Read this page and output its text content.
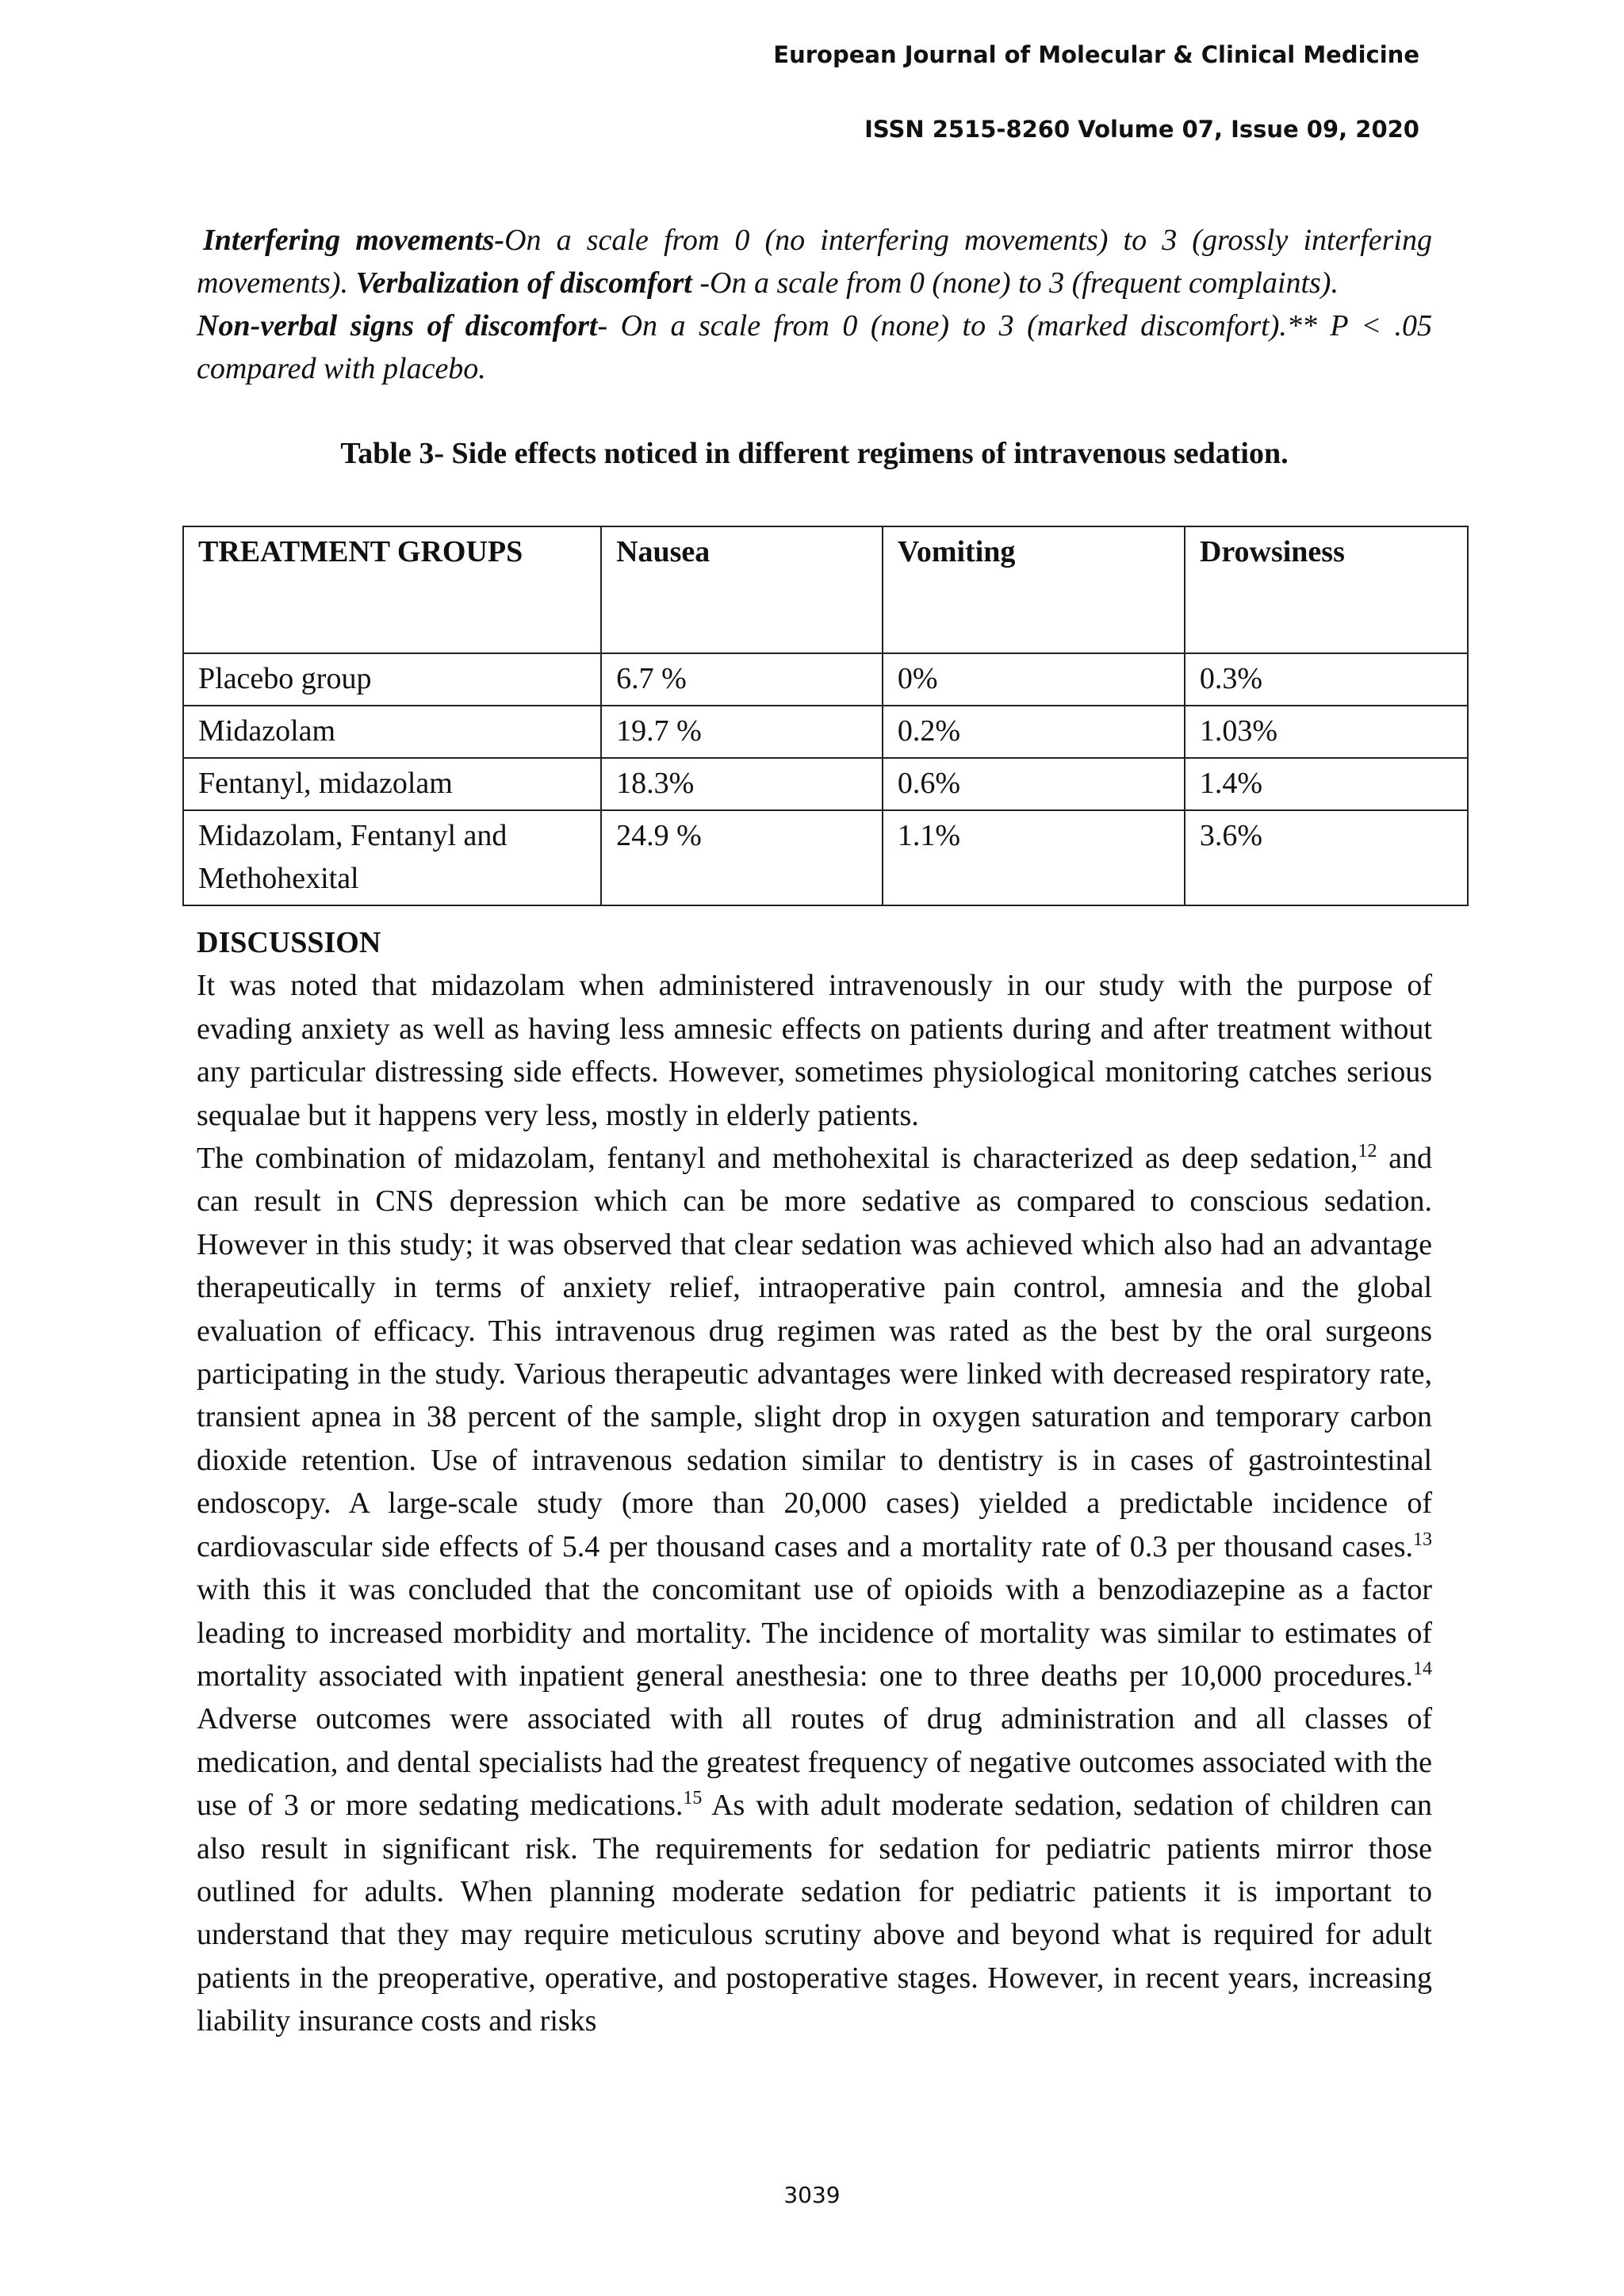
European Journal of Molecular & Clinical Medicine
ISSN 2515-8260 Volume 07, Issue 09, 2020

Interfering movements-On a scale from 0 (no interfering movements) to 3 (grossly interfering movements). Verbalization of discomfort -On a scale from 0 (none) to 3 (frequent complaints).

Non-verbal signs of discomfort- On a scale from 0 (none) to 3 (marked discomfort).** P < .05 compared with placebo.

Table 3- Side effects noticed in different regimens of intravenous sedation.
TREATMENT GROUPS	Nausea	Vomiting	Drowsiness
Placebo group	6.7 %	0%	0.3%
Midazolam	19.7 %	0.2%	1.03%
Fentanyl, midazolam	18.3%	0.6%	1.4%
Midazolam, Fentanyl and Methohexital	24.9 %	1.1%	3.6%

DISCUSSION

It was noted that midazolam when administered intravenously in our study with the purpose of evading anxiety as well as having less amnesic effects on patients during and after treatment without any particular distressing side effects. However, sometimes physiological monitoring catches serious sequalae but it happens very less, mostly in elderly patients.

The combination of midazolam, fentanyl and methohexital is characterized as deep sedation,$^{12}$ and can result in CNS depression which can be more sedative as compared to conscious sedation. However in this study; it was observed that clear sedation was achieved which also had an advantage therapeutically in terms of anxiety relief, intraoperative pain control, amnesia and the global evaluation of efficacy. This intravenous drug regimen was rated as the best by the oral surgeons participating in the study. Various therapeutic advantages were linked with decreased respiratory rate, transient apnea in 38 percent of the sample, slight drop in oxygen saturation and temporary carbon dioxide retention. Use of intravenous sedation similar to dentistry is in cases of gastrointestinal endoscopy. A large-scale study (more than 20,000 cases) yielded a predictable incidence of cardiovascular side effects of 5.4 per thousand cases and a mortality rate of 0.3 per thousand cases.$^{13}$ with this it was concluded that the concomitant use of opioids with a benzodiazepine as a factor leading to increased morbidity and mortality. The incidence of mortality was similar to estimates of mortality associated with inpatient general anesthesia: one to three deaths per 10,000 procedures.$^{14}$ Adverse outcomes were associated with all routes of drug administration and all classes of medication, and dental specialists had the greatest frequency of negative outcomes associated with the use of 3 or more sedating medications.$^{15}$ As with adult moderate sedation, sedation of children can also result in significant risk. The requirements for sedation for pediatric patients mirror those outlined for adults. When planning moderate sedation for pediatric patients it is important to understand that they may require meticulous scrutiny above and beyond what is required for adult patients in the preoperative, operative, and postoperative stages. However, in recent years, increasing liability insurance costs and risks

3039
